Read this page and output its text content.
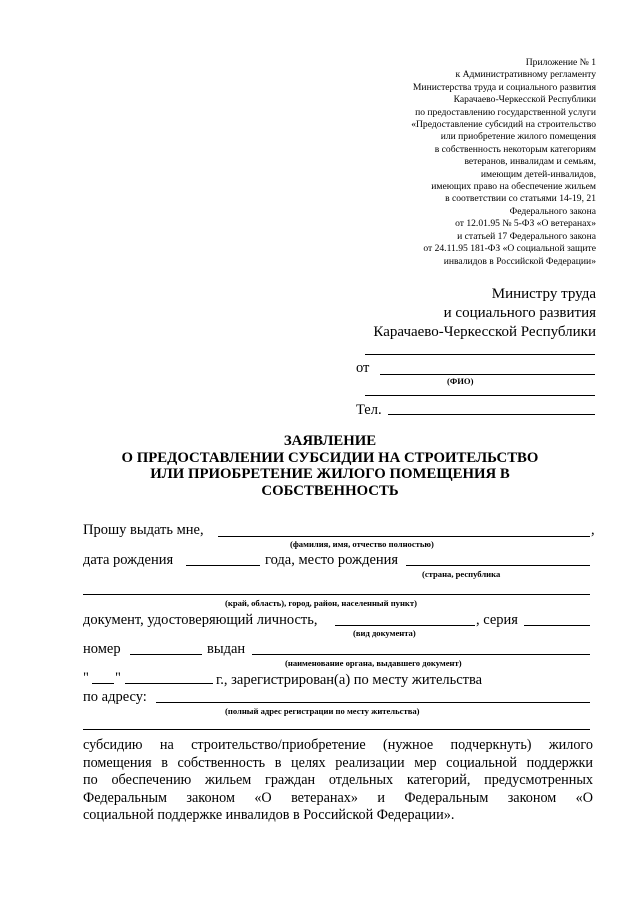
Приложение № 1
к Административному регламенту
Министерства труда и социального развития
Карачаево-Черкесской Республики
по предоставлению государственной услуги
«Предоставление субсидий на строительство
или приобретение жилого помещения
в собственность некоторым категориям
ветеранов, инвалидам и семьям,
имеющим детей-инвалидов,
имеющих право на обеспечение жильем
в соответствии со статьями 14-19, 21
Федерального закона
от 12.01.95 № 5-ФЗ «О ветеранах»
и статьей 17 Федерального закона
от 24.11.95 181-ФЗ «О социальной защите
инвалидов в Российской Федерации»
Министру труда
и социального развития
Карачаево-Черкесской Республики
от
(ФИО)
Тел.
ЗАЯВЛЕНИЕ
О ПРЕДОСТАВЛЕНИИ СУБСИДИИ НА СТРОИТЕЛЬСТВО
ИЛИ ПРИОБРЕТЕНИЕ ЖИЛОГО ПОМЕЩЕНИЯ В
СОБСТВЕННОСТЬ
Прошу выдать мне,	,
(фамилия, имя, отчество полностью)
дата рождения	года, место рождения
(страна, республика
(край, область), город, район, населенный пункт)
документ, удостоверяющий личность,	, серия
(вид документа)
номер	выдан
(наименование органа, выдавшего документ)
" "	г., зарегистрирован(а) по месту жительства
по адресу:
(полный адрес регистрации по месту жительства)
субсидию на строительство/приобретение (нужное подчеркнуть) жилого
помещения в собственность в целях реализации мер социальной поддержки
по обеспечению жильем граждан отдельных категорий, предусмотренных
Федеральным законом «О ветеранах» и Федеральным законом «О
социальной поддержке инвалидов в Российской Федерации».
